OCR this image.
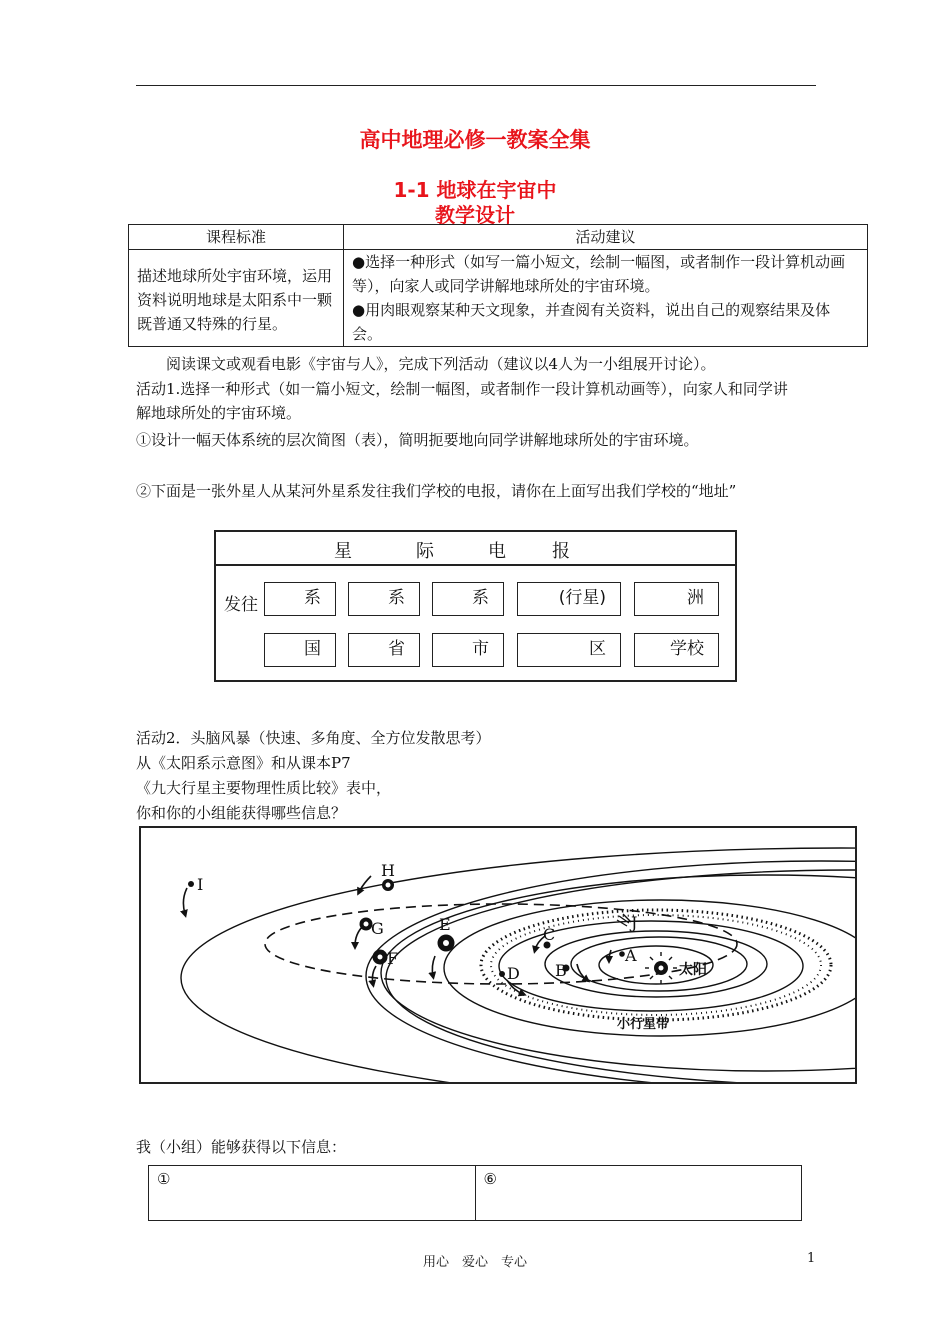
高中地理必修一教案全集
1-1 地球在宇宙中
教学设计
课程标准	活动建议
描述地球所处宇宙环境，运用资料说明地球是太阳系中一颗既普通又特殊的行星。	●选择一种形式（如写一篇小短文，绘制一幅图，或者制作一段计算机动画等），向家人或同学讲解地球所处的宇宙环境。
●用肉眼观察某种天文现象，并查阅有关资料，说出自己的观察结果及体会。
阅读课文或观看电影《宇宙与人》，完成下列活动（建议以4人为一小组展开讨论）。
活动1.选择一种形式（如一篇小短文，绘制一幅图，或者制作一段计算机动画等），向家人和同学讲解地球所处的宇宙环境。
①设计一幅天体系统的层次简图（表），简明扼要地向同学讲解地球所处的宇宙环境。
②下面是一张外星人从某河外星系发往我们学校的电报，请你在上面写出我们学校的“地址”
星	际	电	报
发往	系	系	系	(行星)	洲
国	省	市	区	学校
活动2．头脑风暴（快速、多角度、全方位发散思考）
从《太阳系示意图》和从课本P7
《九大行星主要物理性质比较》表中，
你和你的小组能获得哪些信息？
I
H
G
F
E
D
C
B
A
J
太阳
小行星带
我（小组）能够获得以下信息：
①	⑥
用心　爱心　专心	1
